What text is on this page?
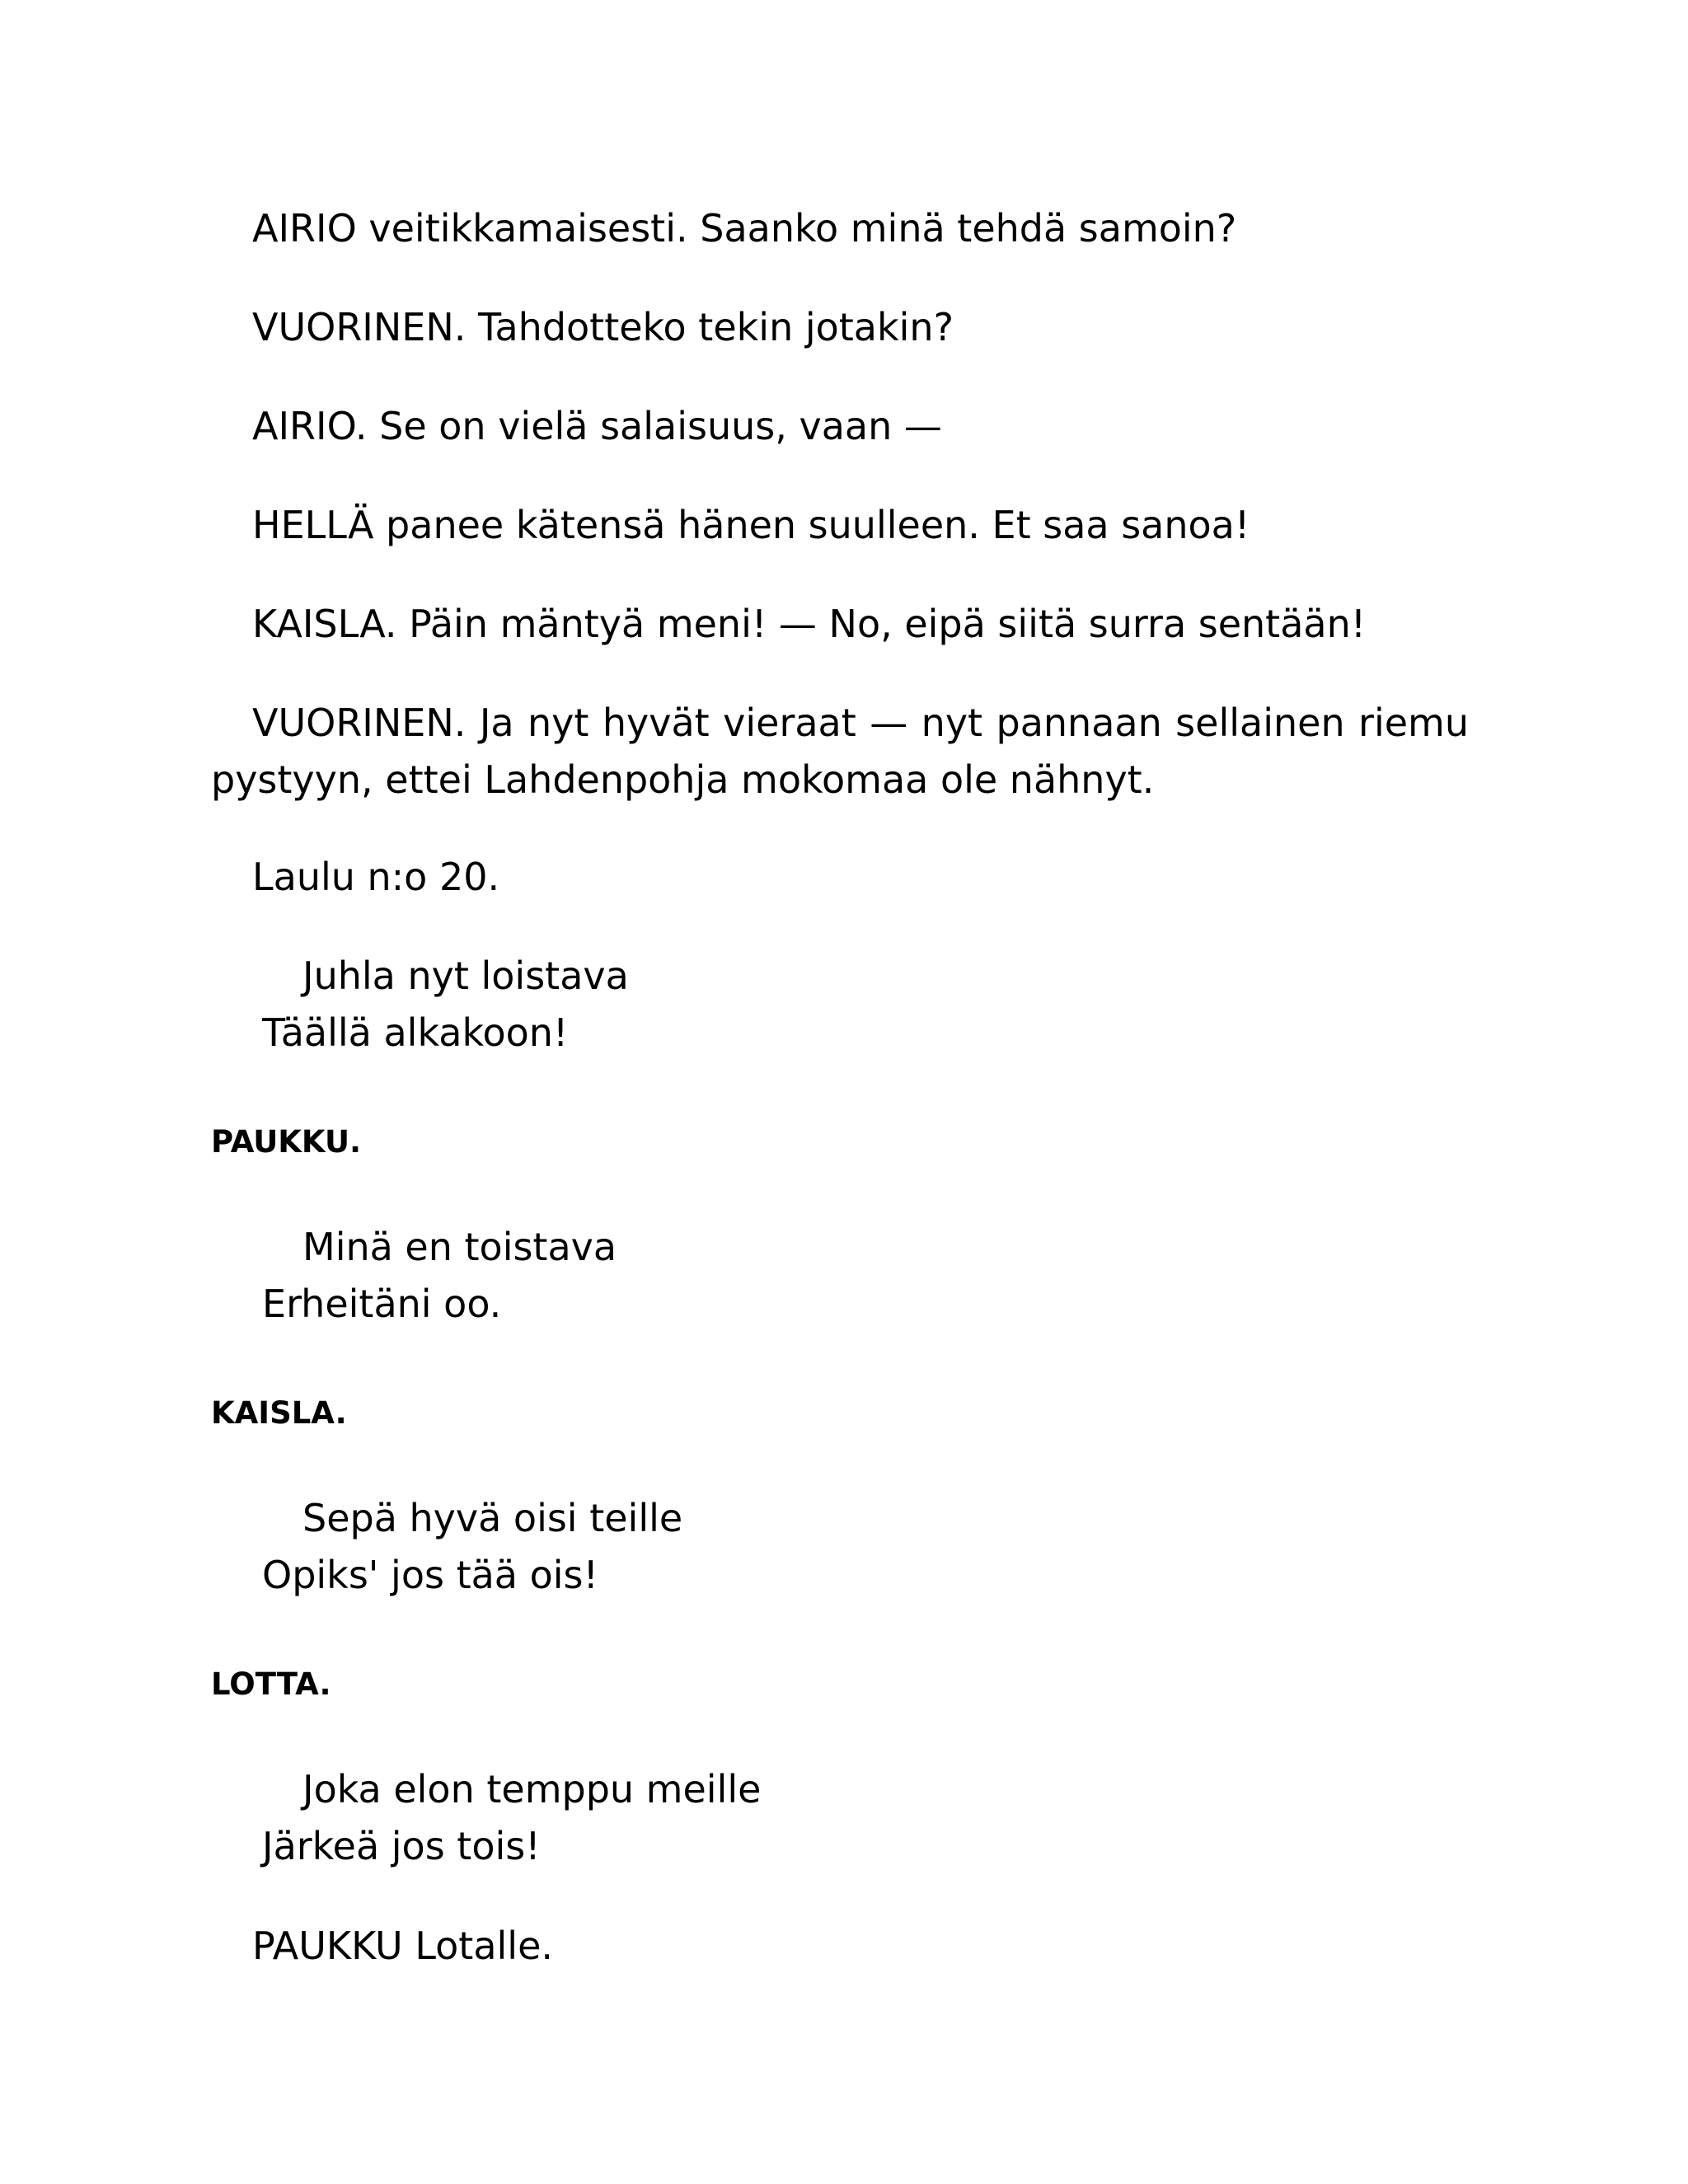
AIRIO veitikkamaisesti. Saanko minä tehdä samoin?

VUORINEN. Tahdotteko tekin jotakin?

AIRIO. Se on vielä salaisuus, vaan —

HELLÄ panee kätensä hänen suulleen. Et saa sanoa!

KAISLA. Päin mäntyä meni! — No, eipä siitä surra sentään!

VUORINEN. Ja nyt hyvät vieraat — nyt pannaan sellainen riemu pystyyn, ettei Lahdenpohja mokomaa ole nähnyt.

Laulu n:o 20.

Juhla nyt loistava

Täällä alkakoon!

PAUKKU.

Minä en toistava

Erheitäni oo.

KAISLA.

Sepä hyvä oisi teille

Opiks' jos tää ois!

LOTTA.

Joka elon temppu meille

Järkeä jos tois!

PAUKKU Lotalle.
